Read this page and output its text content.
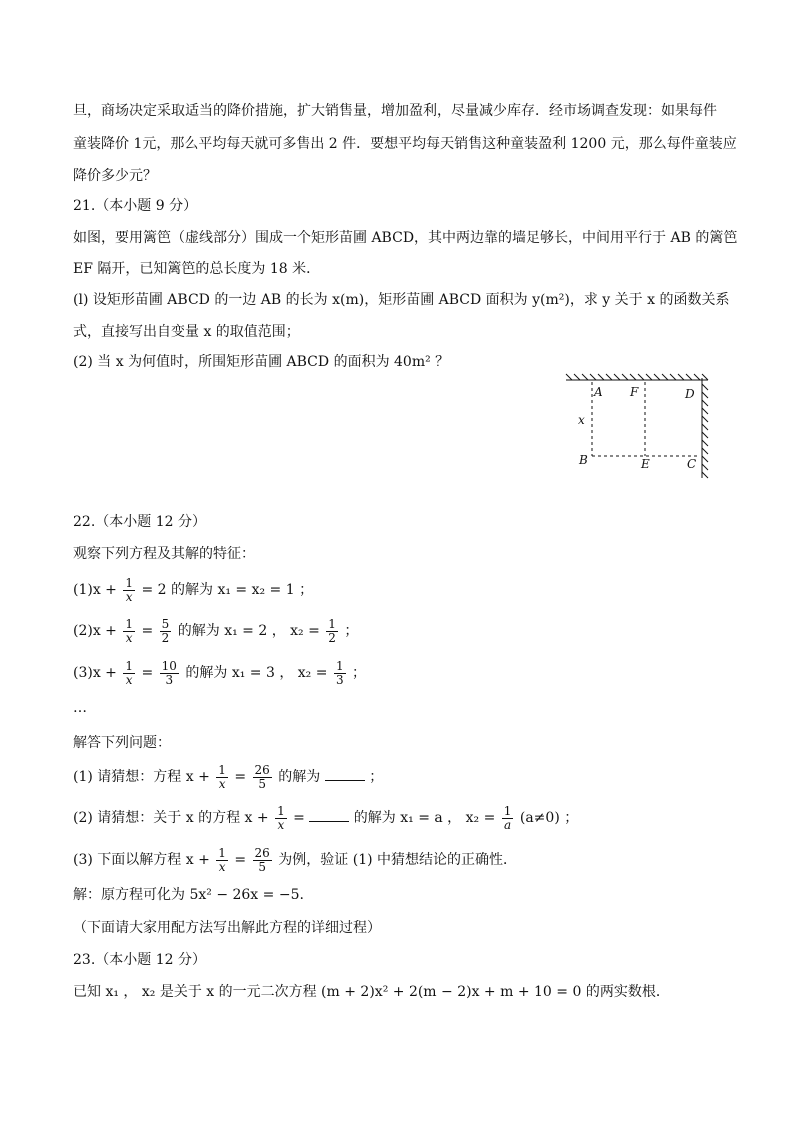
旦，商场决定采取适当的降价措施，扩大销售量，增加盈利，尽量减少库存．经市场调查发现：如果每件
童装降价 1元，那么平均每天就可多售出 2 件．要想平均每天销售这种童装盈利 1200 元，那么每件童装应
降价多少元？
21.（本小题 9 分）
如图，要用篱笆（虚线部分）围成一个矩形苗圃 ABCD，其中两边靠的墙足够长，中间用平行于 AB 的篱笆
EF 隔开，已知篱笆的总长度为 18 米．
(l) 设矩形苗圃 ABCD 的一边 AB 的长为 x(m)，矩形苗圃 ABCD 面积为 y(m²)，求 y 关于 x 的函数关系
式，直接写出自变量 x 的取值范围；
(2) 当 x 为何值时，所围矩形苗圃 ABCD 的面积为 40m² ？
A F	D
x
B	E	C
22.（本小题 12 分）
观察下列方程及其解的特征：
$(1)x + \frac{1}{x} = 2$ 的解为 x₁ = x₂ = 1 ；
$(2)x + \frac{1}{x} = \frac{5}{2}$ 的解为 x₁ = 2 ， $x_2 = \frac{1}{2}$ ；
$(3)x + \frac{1}{x} = \frac{10}{3}$ 的解为 x₁ = 3 ， $x_2 = \frac{1}{3}$ ；
…
解答下列问题：
(1) 请猜想：方程 $x + \frac{1}{x} = \frac{26}{5}$ 的解为	；
(2) 请猜想：关于 x 的方程 $x + \frac{1}{x}$ =	的解为 x₁ = a ， $x_2 = \frac{1}{a} (a\ne 0)$ ；
(3) 下面以解方程 $x + \frac{1}{x} = \frac{26}{5}$ 为例，验证 (1) 中猜想结论的正确性．
解：原方程可化为 5x² − 26x = −5.
（下面请大家用配方法写出解此方程的详细过程）
23.（本小题 12 分）
已知 x₁ ， x₂ 是关于 x 的一元二次方程 (m + 2)x² + 2(m − 2)x + m + 10 = 0 的两实数根．
